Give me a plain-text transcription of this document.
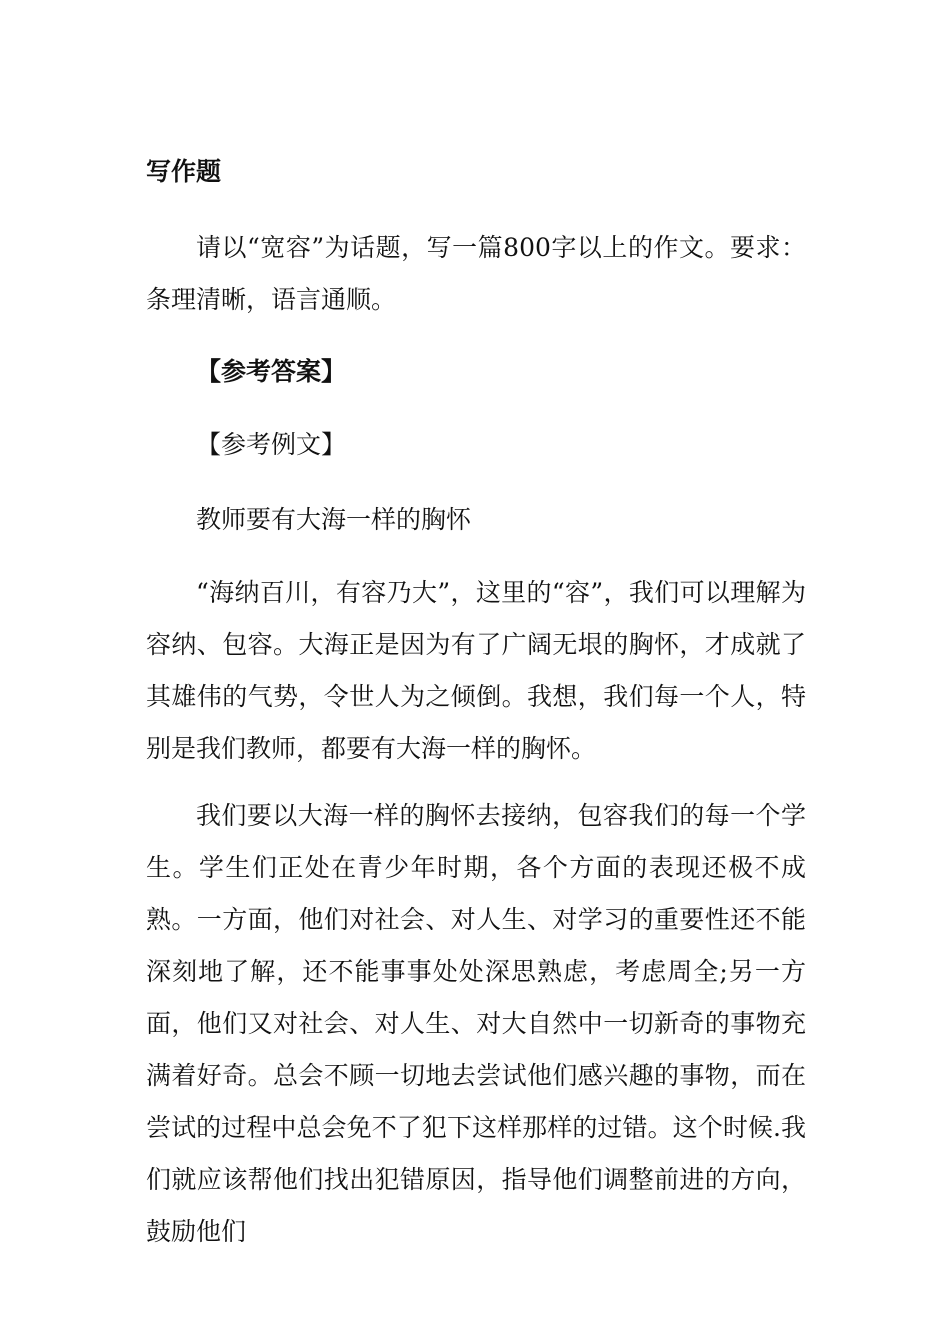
写作题

请以“宽容”为话题，写一篇800字以上的作文。要求：条理清晰，语言通顺。

【参考答案】
【参考例文】
教师要有大海一样的胸怀

“海纳百川，有容乃大”，这里的“容”，我们可以理解为容纳、包容。大海正是因为有了广阔无垠的胸怀，才成就了其雄伟的气势，令世人为之倾倒。我想，我们每一个人，特别是我们教师，都要有大海一样的胸怀。

我们要以大海一样的胸怀去接纳，包容我们的每一个学生。学生们正处在青少年时期，各个方面的表现还极不成熟。一方面，他们对社会、对人生、对学习的重要性还不能深刻地了解，还不能事事处处深思熟虑，考虑周全;另一方面，他们又对社会、对人生、对大自然中一切新奇的事物充满着好奇。总会不顾一切地去尝试他们感兴趣的事物，而在尝试的过程中总会免不了犯下这样那样的过错。这个时候.我们就应该帮他们找出犯错原因，指导他们调整前进的方向，鼓励他们
